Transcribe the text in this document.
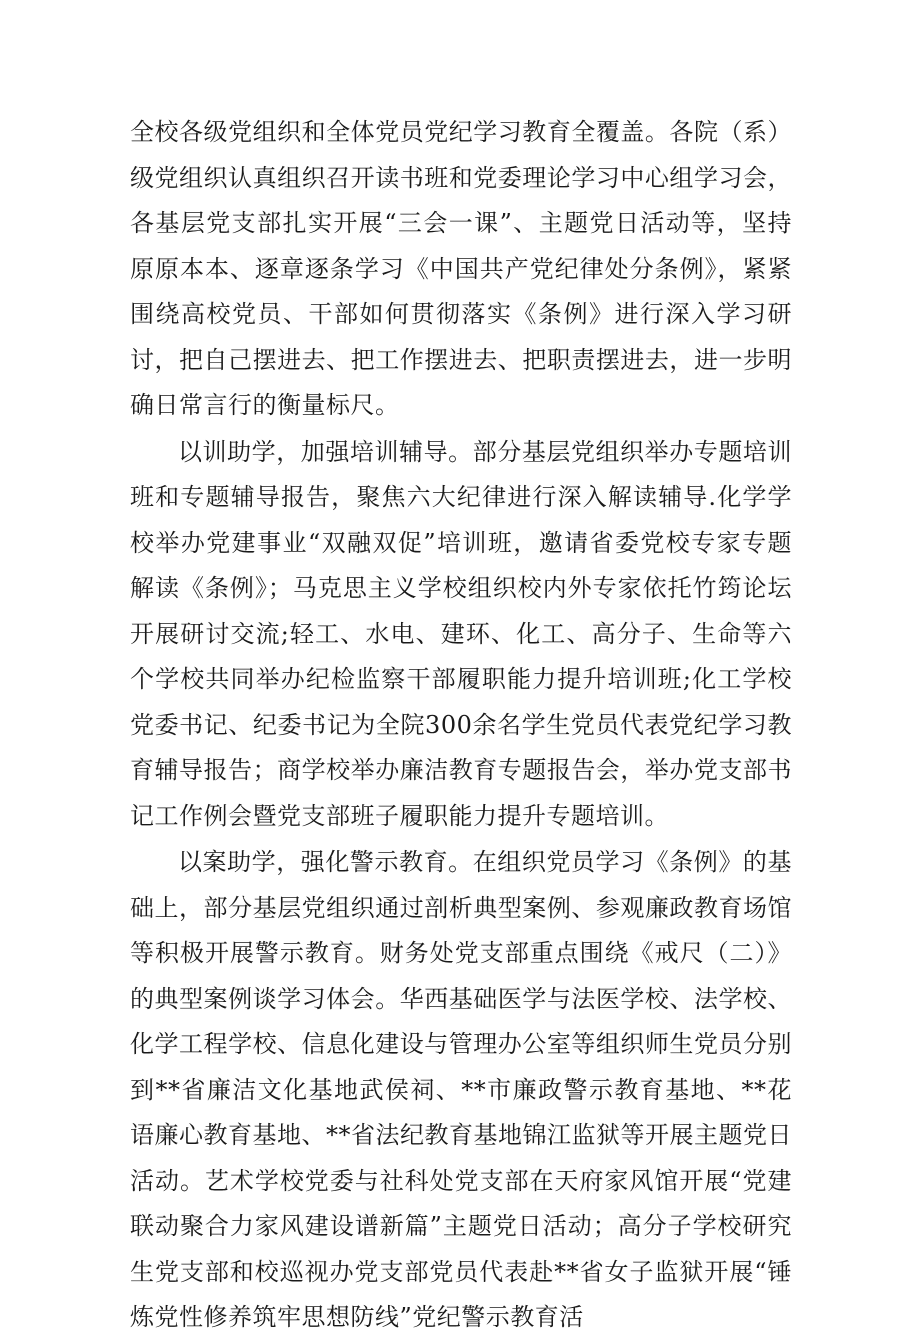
全校各级党组织和全体党员党纪学习教育全覆盖。各院（系）级党组织认真组织召开读书班和党委理论学习中心组学习会，各基层党支部扎实开展“三会一课”、主题党日活动等，坚持原原本本、逐章逐条学习《中国共产党纪律处分条例》，紧紧围绕高校党员、干部如何贯彻落实《条例》进行深入学习研讨，把自己摆进去、把工作摆进去、把职责摆进去，进一步明确日常言行的衡量标尺。

以训助学，加强培训辅导。部分基层党组织举办专题培训班和专题辅导报告，聚焦六大纪律进行深入解读辅导.化学学校举办党建事业“双融双促”培训班，邀请省委党校专家专题解读《条例》；马克思主义学校组织校内外专家依托竹筠论坛开展研讨交流;轻工、水电、建环、化工、高分子、生命等六个学校共同举办纪检监察干部履职能力提升培训班;化工学校党委书记、纪委书记为全院300余名学生党员代表党纪学习教育辅导报告；商学校举办廉洁教育专题报告会，举办党支部书记工作例会暨党支部班子履职能力提升专题培训。

以案助学，强化警示教育。在组织党员学习《条例》的基础上，部分基层党组织通过剖析典型案例、参观廉政教育场馆等积极开展警示教育。财务处党支部重点围绕《戒尺（二）》的典型案例谈学习体会。华西基础医学与法医学校、法学校、化学工程学校、信息化建设与管理办公室等组织师生党员分别到**省廉洁文化基地武侯祠、**市廉政警示教育基地、**花语廉心教育基地、**省法纪教育基地锦江监狱等开展主题党日活动。艺术学校党委与社科处党支部在天府家风馆开展“党建联动聚合力家风建设谱新篇”主题党日活动；高分子学校研究生党支部和校巡视办党支部党员代表赴**省女子监狱开展“锤炼党性修养筑牢思想防线”党纪警示教育活
